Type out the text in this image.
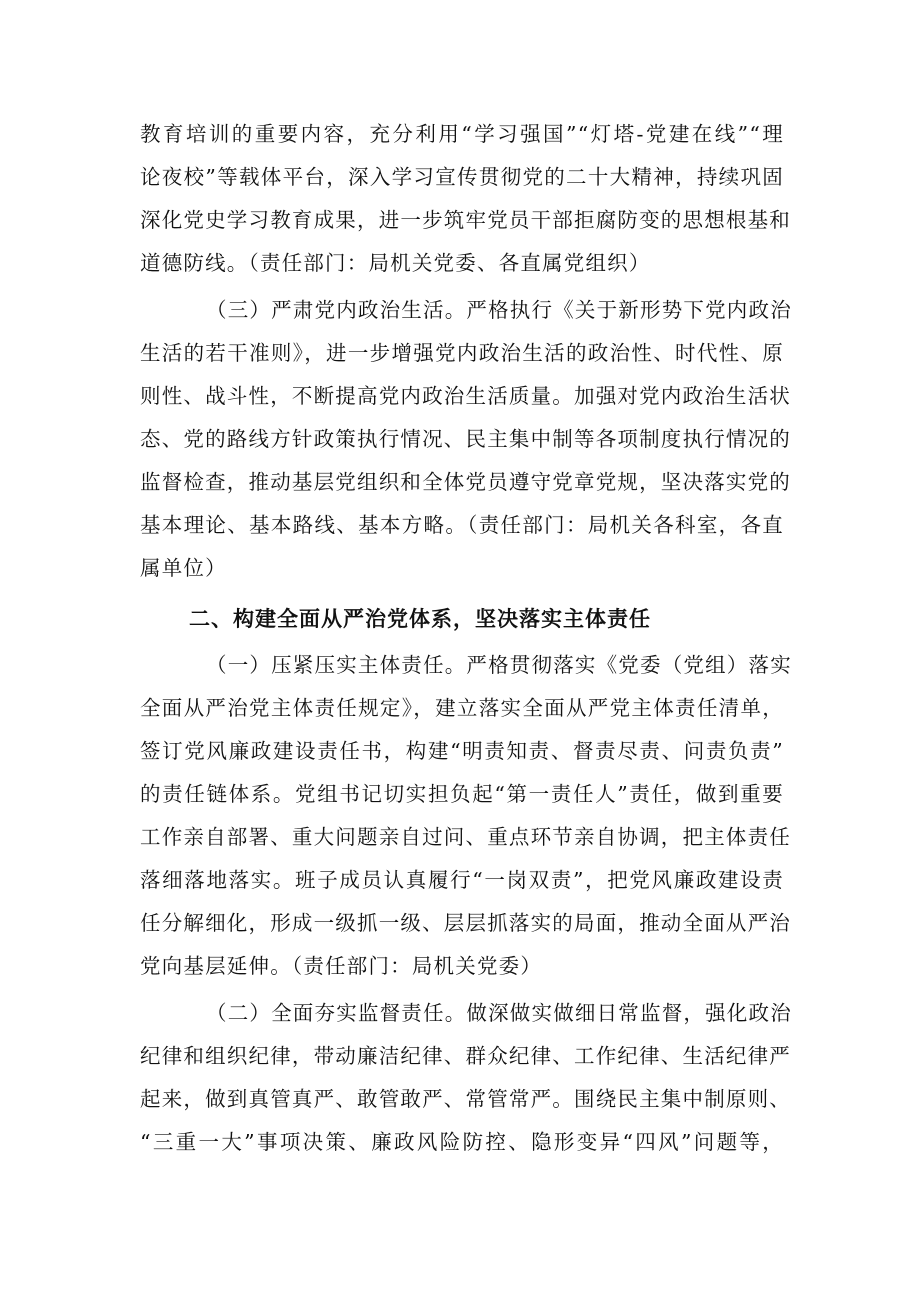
教育培训的重要内容，充分利用“学习强国”“灯塔-党建在线”“理
论夜校”等载体平台，深入学习宣传贯彻党的二十大精神，持续巩固
深化党史学习教育成果，进一步筑牢党员干部拒腐防变的思想根基和
道德防线。（责任部门：局机关党委、各直属党组织）
（三）严肃党内政治生活。严格执行《关于新形势下党内政治
生活的若干准则》，进一步增强党内政治生活的政治性、时代性、原
则性、战斗性，不断提高党内政治生活质量。加强对党内政治生活状
态、党的路线方针政策执行情况、民主集中制等各项制度执行情况的
监督检查，推动基层党组织和全体党员遵守党章党规，坚决落实党的
基本理论、基本路线、基本方略。（责任部门：局机关各科室，各直
属单位）
二、构建全面从严治党体系，坚决落实主体责任
（一）压紧压实主体责任。严格贯彻落实《党委（党组）落实
全面从严治党主体责任规定》，建立落实全面从严党主体责任清单，
签订党风廉政建设责任书，构建“明责知责、督责尽责、问责负责”
的责任链体系。党组书记切实担负起“第一责任人”责任，做到重要
工作亲自部署、重大问题亲自过问、重点环节亲自协调，把主体责任
落细落地落实。班子成员认真履行“一岗双责”，把党风廉政建设责
任分解细化，形成一级抓一级、层层抓落实的局面，推动全面从严治
党向基层延伸。（责任部门：局机关党委）
（二）全面夯实监督责任。做深做实做细日常监督，强化政治
纪律和组织纪律，带动廉洁纪律、群众纪律、工作纪律、生活纪律严
起来，做到真管真严、敢管敢严、常管常严。围绕民主集中制原则、
“三重一大”事项决策、廉政风险防控、隐形变异“四风”问题等，
